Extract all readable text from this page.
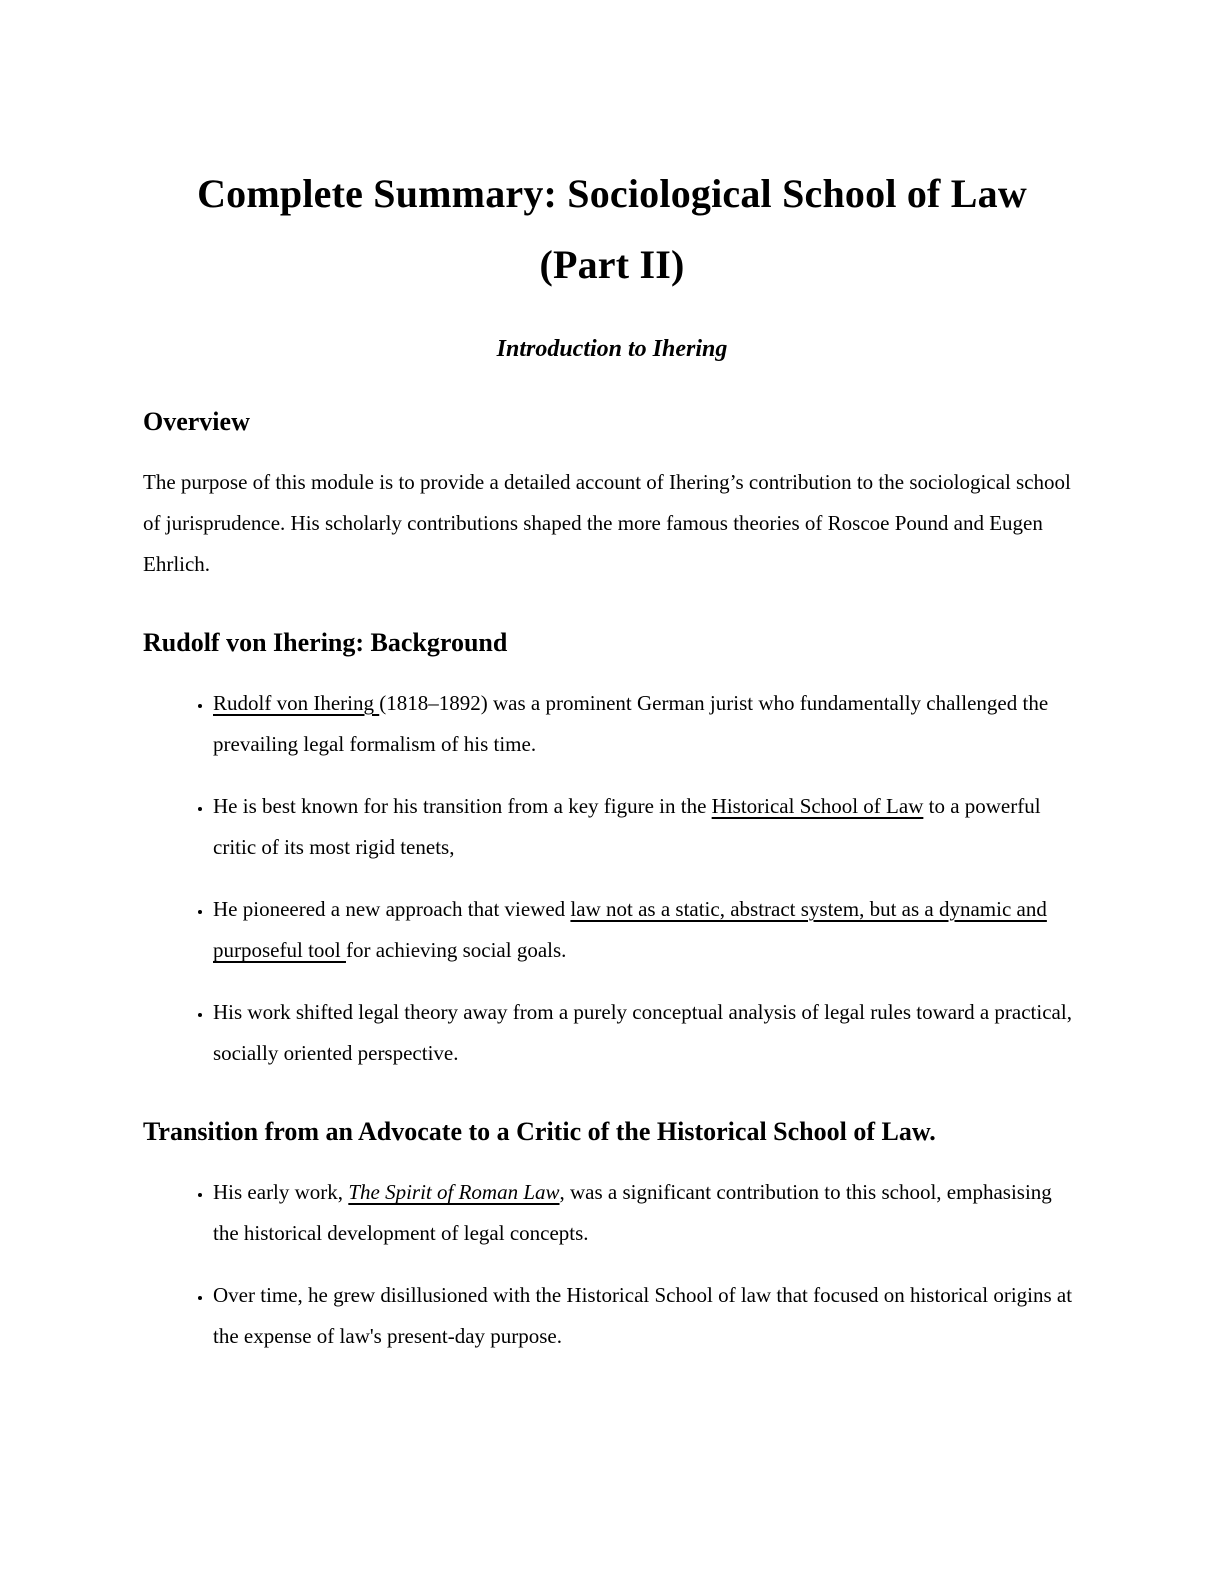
Complete Summary: Sociological School of Law
(Part II)
Introduction to Ihering
Overview

The purpose of this module is to provide a detailed account of Ihering’s contribution to the sociological school of jurisprudence. His scholarly contributions shaped the more famous theories of Roscoe Pound and Eugen Ehrlich.

Rudolf von Ihering: Background
• Rudolf von Ihering (1818–1892) was a prominent German jurist who fundamentally challenged the prevailing legal formalism of his time.
• He is best known for his transition from a key figure in the Historical School of Law to a powerful critic of its most rigid tenets,
• He pioneered a new approach that viewed law not as a static, abstract system, but as a dynamic and purposeful tool for achieving social goals.
• His work shifted legal theory away from a purely conceptual analysis of legal rules toward a practical, socially oriented perspective.
Transition from an Advocate to a Critic of the Historical School of Law.
• His early work, The Spirit of Roman Law, was a significant contribution to this school, emphasising the historical development of legal concepts.
• Over time, he grew disillusioned with the Historical School of law that focused on historical origins at the expense of law's present-day purpose.
